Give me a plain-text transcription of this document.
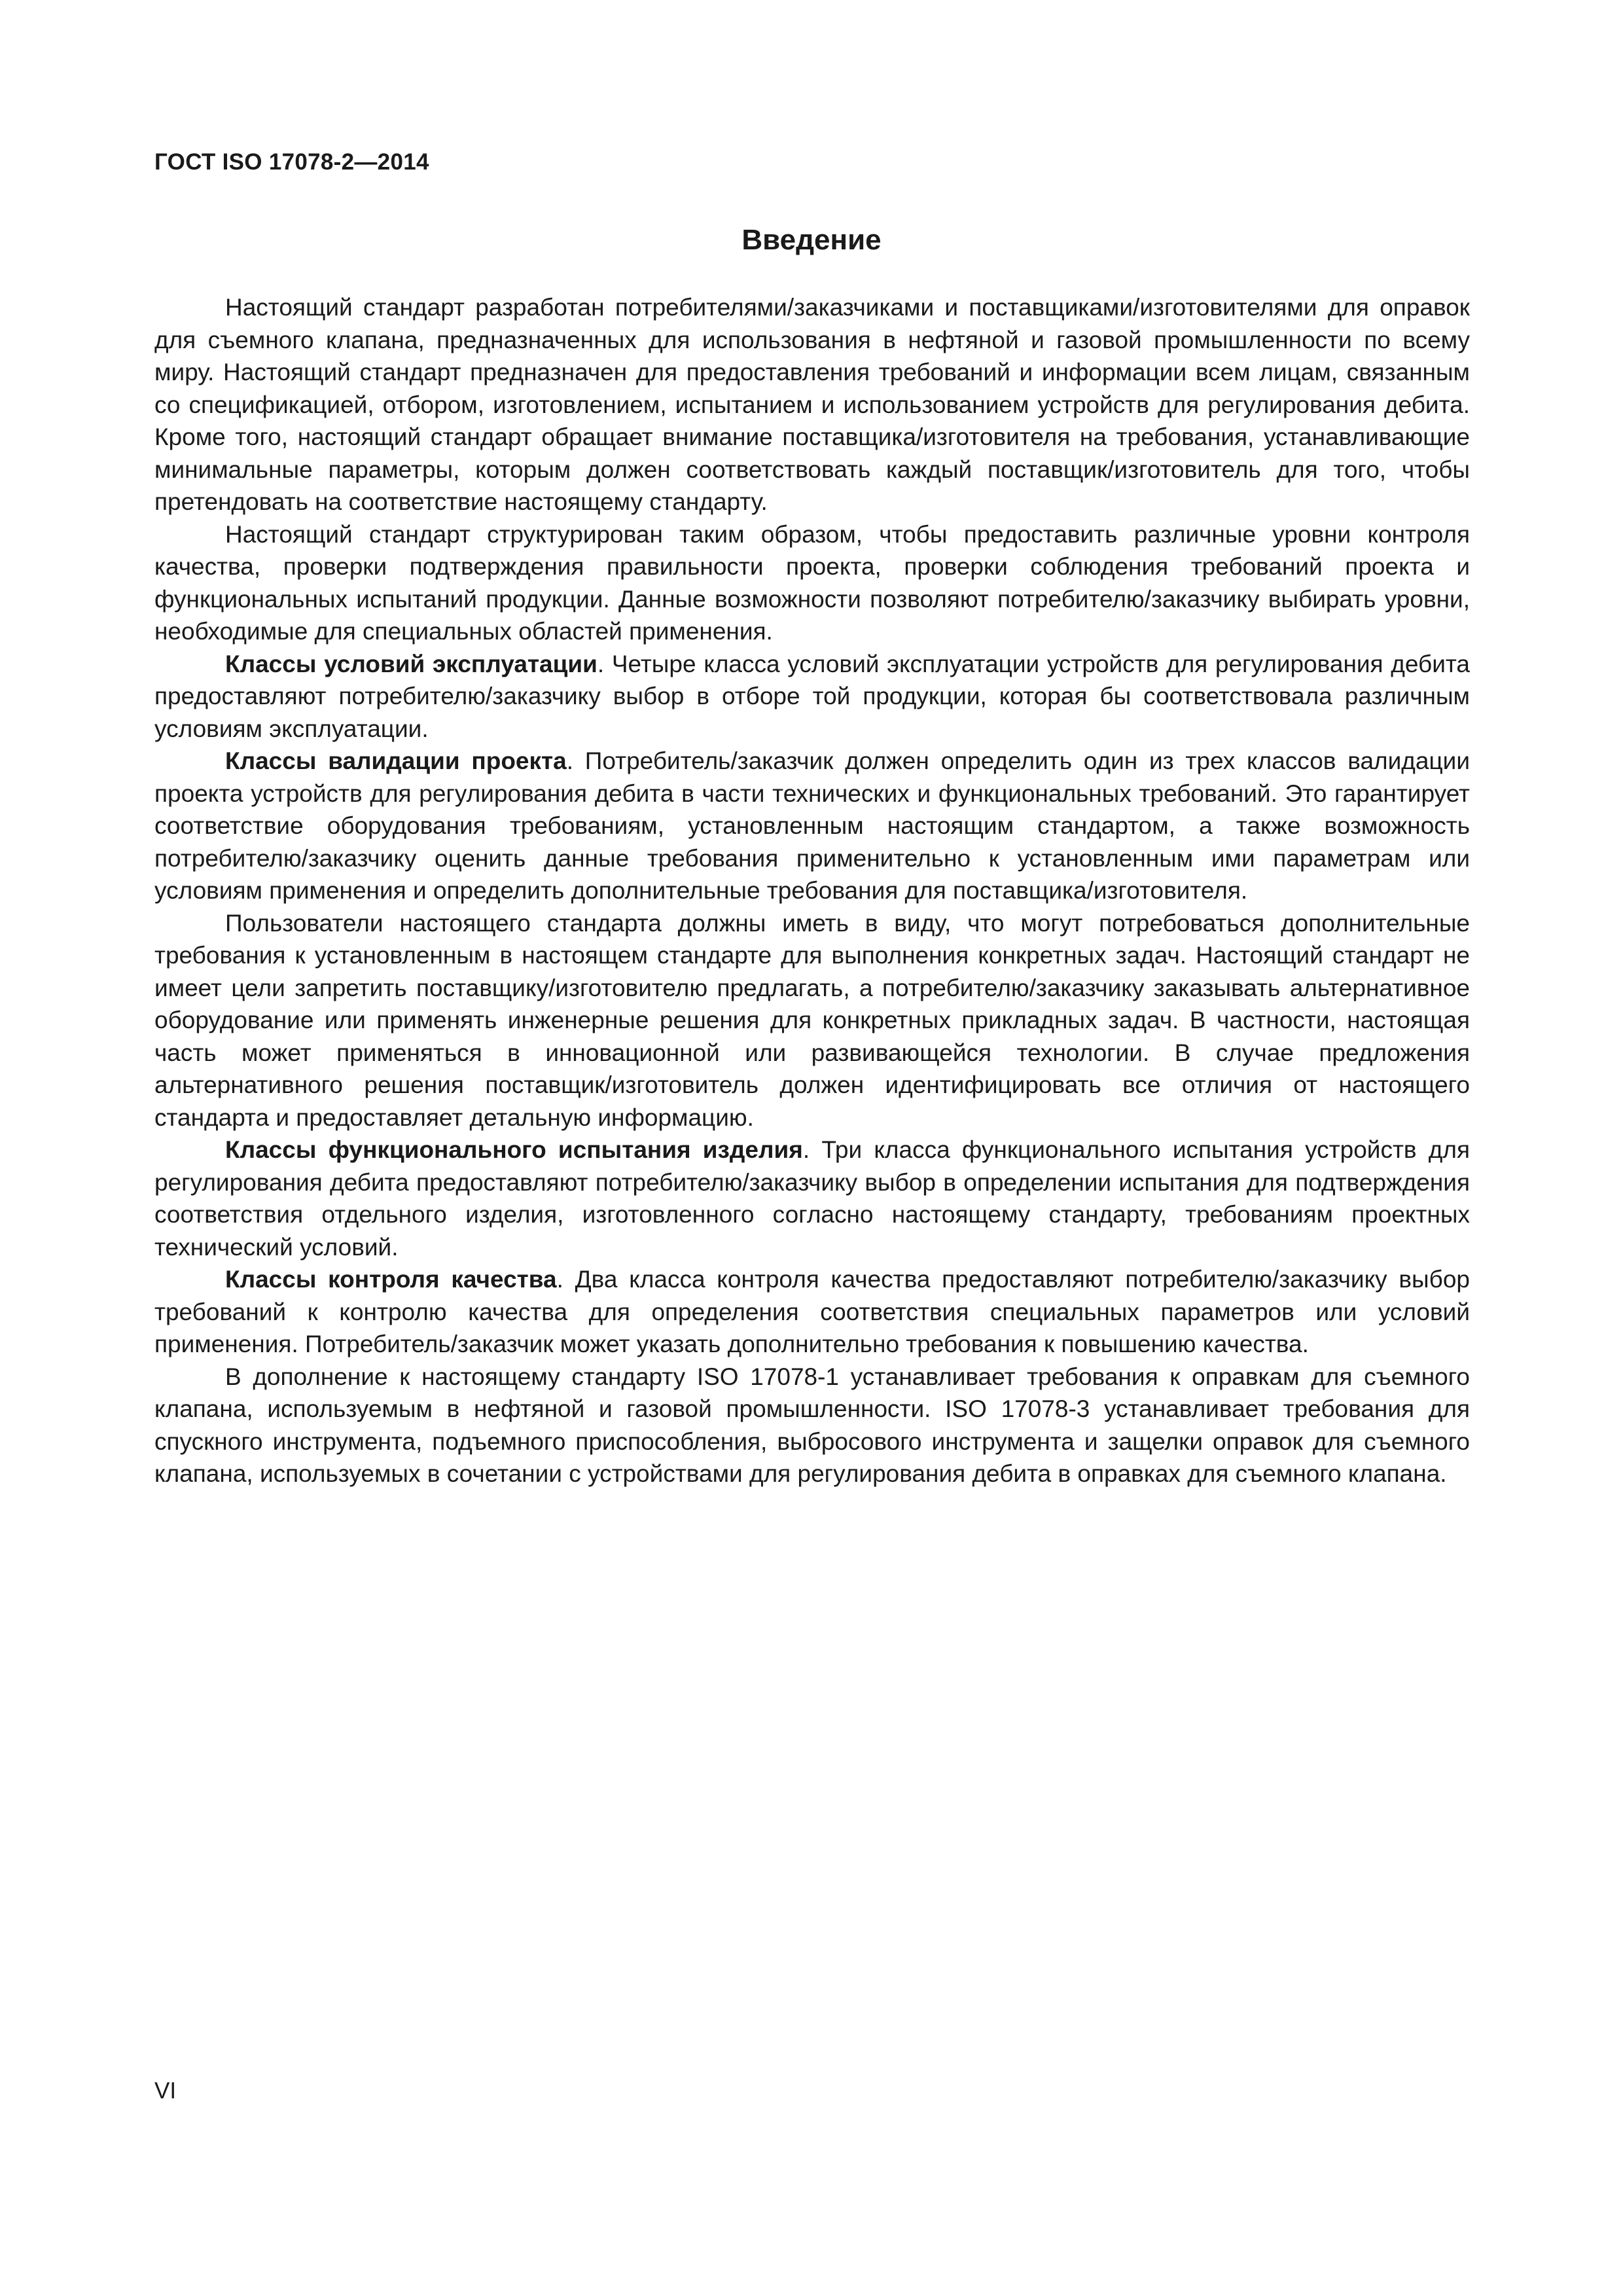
ГОСТ ISO 17078-2—2014
Введение

Настоящий стандарт разработан потребителями/заказчиками и поставщиками/изготовителями для оправок для съемного клапана, предназначенных для использования в нефтяной и газовой промышленности по всему миру. Настоящий стандарт предназначен для предоставления требований и информации всем лицам, связанным со спецификацией, отбором, изготовлением, испытанием и использованием устройств для регулирования дебита. Кроме того, настоящий стандарт обращает внимание поставщика/изготовителя на требования, устанавливающие минимальные параметры, которым должен соответствовать каждый поставщик/изготовитель для того, чтобы претендовать на соответствие настоящему стандарту.

Настоящий стандарт структурирован таким образом, чтобы предоставить различные уровни контроля качества, проверки подтверждения правильности проекта, проверки соблюдения требований проекта и функциональных испытаний продукции. Данные возможности позволяют потребителю/заказчику выбирать уровни, необходимые для специальных областей применения.

Классы условий эксплуатации. Четыре класса условий эксплуатации устройств для регулирования дебита предоставляют потребителю/заказчику выбор в отборе той продукции, которая бы соответствовала различным условиям эксплуатации.

Классы валидации проекта. Потребитель/заказчик должен определить один из трех классов валидации проекта устройств для регулирования дебита в части технических и функциональных требований. Это гарантирует соответствие оборудования требованиям, установленным настоящим стандартом, а также возможность потребителю/заказчику оценить данные требования применительно к установленным ими параметрам или условиям применения и определить дополнительные требования для поставщика/изготовителя.

Пользователи настоящего стандарта должны иметь в виду, что могут потребоваться дополнительные требования к установленным в настоящем стандарте для выполнения конкретных задач. Настоящий стандарт не имеет цели запретить поставщику/изготовителю предлагать, а потребителю/заказчику заказывать альтернативное оборудование или применять инженерные решения для конкретных прикладных задач. В частности, настоящая часть может применяться в инновационной или развивающейся технологии. В случае предложения альтернативного решения поставщик/изготовитель должен идентифицировать все отличия от настоящего стандарта и предоставляет детальную информацию.

Классы функционального испытания изделия. Три класса функционального испытания устройств для регулирования дебита предоставляют потребителю/заказчику выбор в определении испытания для подтверждения соответствия отдельного изделия, изготовленного согласно настоящему стандарту, требованиям проектных технический условий.

Классы контроля качества. Два класса контроля качества предоставляют потребителю/заказчику выбор требований к контролю качества для определения соответствия специальных параметров или условий применения. Потребитель/заказчик может указать дополнительно требования к повышению качества.

В дополнение к настоящему стандарту ISO 17078-1 устанавливает требования к оправкам для съемного клапана, используемым в нефтяной и газовой промышленности. ISO 17078-3 устанавливает требования для спускного инструмента, подъемного приспособления, выбросового инструмента и защелки оправок для съемного клапана, используемых в сочетании с устройствами для регулирования дебита в оправках для съемного клапана.

VI
